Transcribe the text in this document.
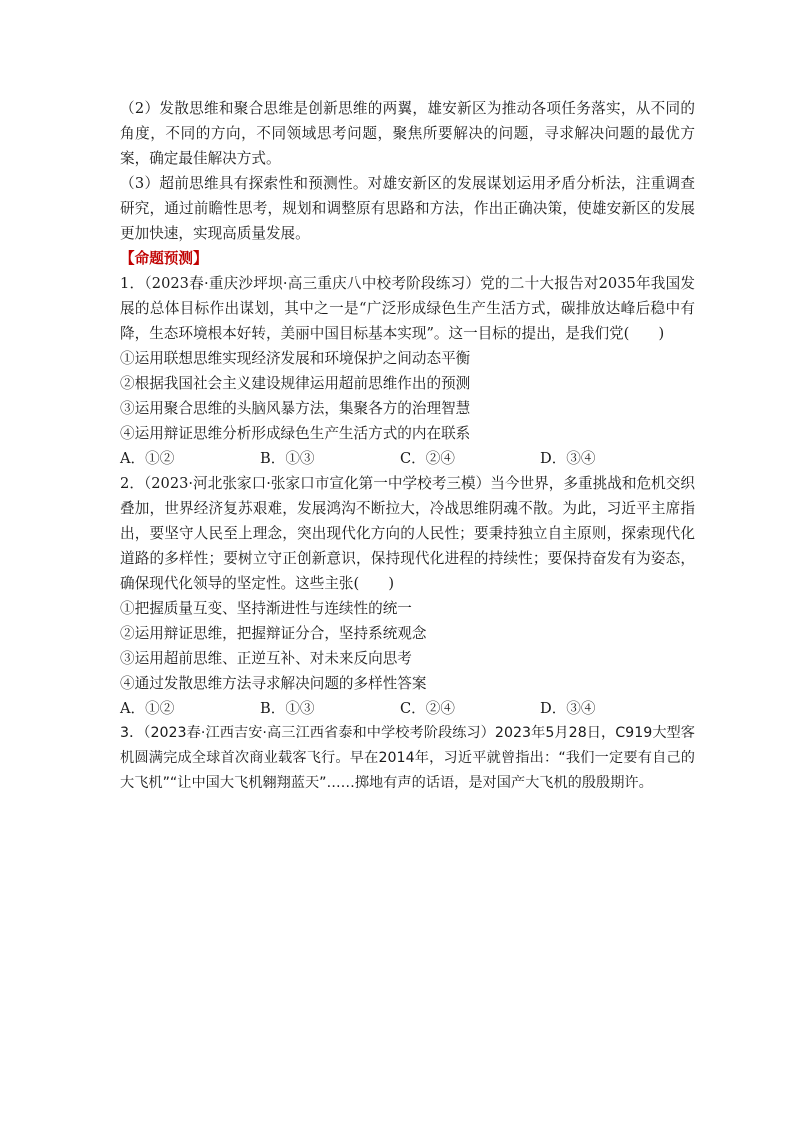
（2）发散思维和聚合思维是创新思维的两翼，雄安新区为推动各项任务落实，从不同的角度，不同的方向，不同领域思考问题，聚焦所要解决的问题，寻求解决问题的最优方案，确定最佳解决方式。

（3）超前思维具有探索性和预测性。对雄安新区的发展谋划运用矛盾分析法，注重调查研究，通过前瞻性思考，规划和调整原有思路和方法，作出正确决策，使雄安新区的发展更加快速，实现高质量发展。

【命题预测】

1．（2023春·重庆沙坪坝·高三重庆八中校考阶段练习）党的二十大报告对2035年我国发展的总体目标作出谋划，其中之一是“广泛形成绿色生产生活方式，碳排放达峰后稳中有降，生态环境根本好转，美丽中国目标基本实现”。这一目标的提出，是我们党(　　)

①运用联想思维实现经济发展和环境保护之间动态平衡

②根据我国社会主义建设规律运用超前思维作出的预测

③运用聚合思维的头脑风暴方法，集聚各方的治理智慧

④运用辩证思维分析形成绿色生产生活方式的内在联系

A．①②	B．①③	C．②④	D．③④

2．（2023·河北张家口·张家口市宣化第一中学校考三模）当今世界，多重挑战和危机交织叠加，世界经济复苏艰难，发展鸿沟不断拉大，冷战思维阴魂不散。为此，习近平主席指出，要坚守人民至上理念，突出现代化方向的人民性；要秉持独立自主原则，探索现代化道路的多样性；要树立守正创新意识，保持现代化进程的持续性；要保持奋发有为姿态，确保现代化领导的坚定性。这些主张(　　)

①把握质量互变、坚持渐进性与连续性的统一

②运用辩证思维，把握辩证分合，坚持系统观念

③运用超前思维、正逆互补、对未来反向思考

④通过发散思维方法寻求解决问题的多样性答案

A．①②	B．①③	C．②④	D．③④

3．（2023春·江西吉安·高三江西省泰和中学校考阶段练习）2023年5月28日，C919大型客机圆满完成全球首次商业载客飞行。早在2014年，习近平就曾指出：“我们一定要有自己的大飞机”“让中国大飞机翱翔蓝天”……掷地有声的话语，是对国产大飞机的殷殷期许。
